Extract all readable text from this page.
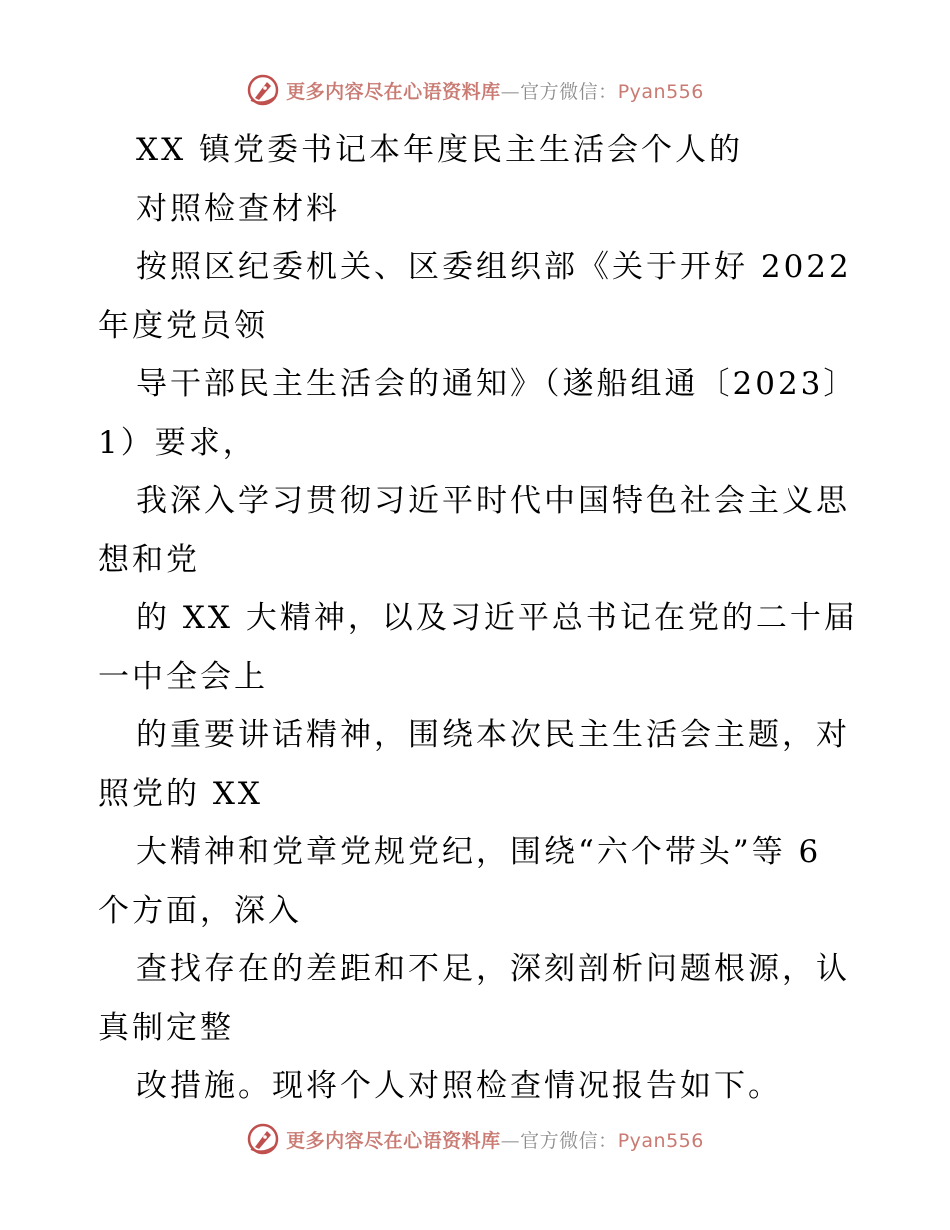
更多内容尽在心语资料库—官方微信：Pyan556
XX 镇党委书记本年度民主生活会个人的
对照检查材料
按照区纪委机关、区委组织部《关于开好 2022
年度党员领
导干部民主生活会的通知》（遂船组通〔2023〕
1）要求，
我深入学习贯彻习近平时代中国特色社会主义思
想和党
的 XX 大精神，以及习近平总书记在党的二十届
一中全会上
的重要讲话精神，围绕本次民主生活会主题，对
照党的 XX
大精神和党章党规党纪，围绕“六个带头”等 6
个方面，深入
查找存在的差距和不足，深刻剖析问题根源，认
真制定整
改措施。现将个人对照检查情况报告如下。
更多内容尽在心语资料库—官方微信：Pyan556
